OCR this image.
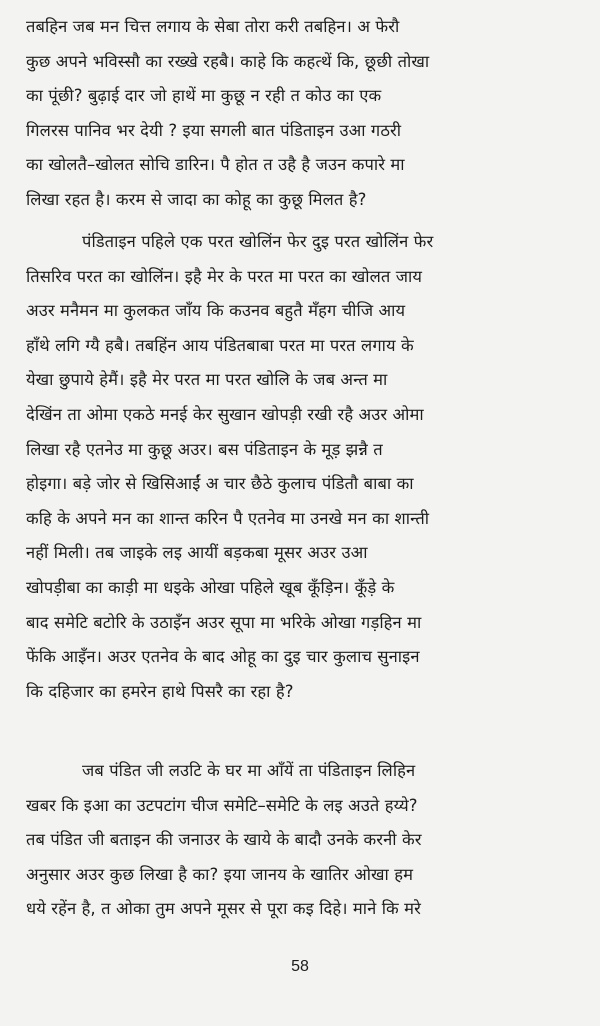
तबहिन जब मन चित्त लगाय के सेबा तोरा करी तबहिन। अ फेरौ
कुछ अपने भविस्सौ का रख्खे रहबै। काहे कि कहत्थें कि, छूछी तोखा
का पूंछी? बुढ़ाई दार जो हाथें मा कुछू न रही त कोउ का एक
गिलरस पानिव भर देयी ? इया सगली बात पंडिताइन उआ गठरी
का खोलतै–खोलत सोचि डारिन। पै होत त उहै है जउन कपारे मा
लिखा रहत है। करम से जादा का कोहू का कुछू मिलत है?
पंडिताइन पहिले एक परत खोलिंन फेर दुइ परत खोलिंन फेर
तिसरिव परत का खोलिंन। इहै मेर के परत मा परत का खोलत जाय
अउर मनैमन मा कुलकत जाँय कि कउनव बहुतै मँहग चीजि आय
हाँथे लगि ग्यै हबै। तबहिंन आय पंडितबाबा परत मा परत लगाय के
येखा छुपाये हेमैं। इहै मेर परत मा परत खोलि के जब अन्त मा
देखिंन ता ओमा एकठे मनई केर सुखान खोपड़ी रखी रहै अउर ओमा
लिखा रहै एतनेउ मा कुछू अउर। बस पंडिताइन के मूड़ झन्नै त
होइगा। बड़े जोर से खिसिआईं अ चार छैठे कुलाच पंडितौ बाबा का
कहि के अपने मन का शान्त करिन पै एतनेव मा उनखे मन का शान्ती
नहीं मिली। तब जाइके लइ आयीं बड़कबा मूसर अउर उआ
खोपड़ीबा का काड़ी मा धइके ओखा पहिले खूब कूँड़िन। कूँड़े के
बाद समेटि बटोरि के उठाइँन अउर सूपा मा भरिके ओखा गड़हिन मा
फेंकि आइँन। अउर एतनेव के बाद ओहू का दुइ चार कुलाच सुनाइन
कि दहिजार का हमरेन हाथे पिसरै का रहा है?
जब पंडित जी लउटि के घर मा आँयें ता पंडिताइन लिहिन
खबर कि इआ का उटपटांग चीज समेटि–समेटि के लइ अउते हय्ये?
तब पंडित जी बताइन की जनाउर के खाये के बादौ उनके करनी केर
अनुसार अउर कुछ लिखा है का? इया जानय के खातिर ओखा हम
धये रहेंन है, त ओका तुम अपने मूसर से पूरा कइ दिहे। माने कि मरे
58
